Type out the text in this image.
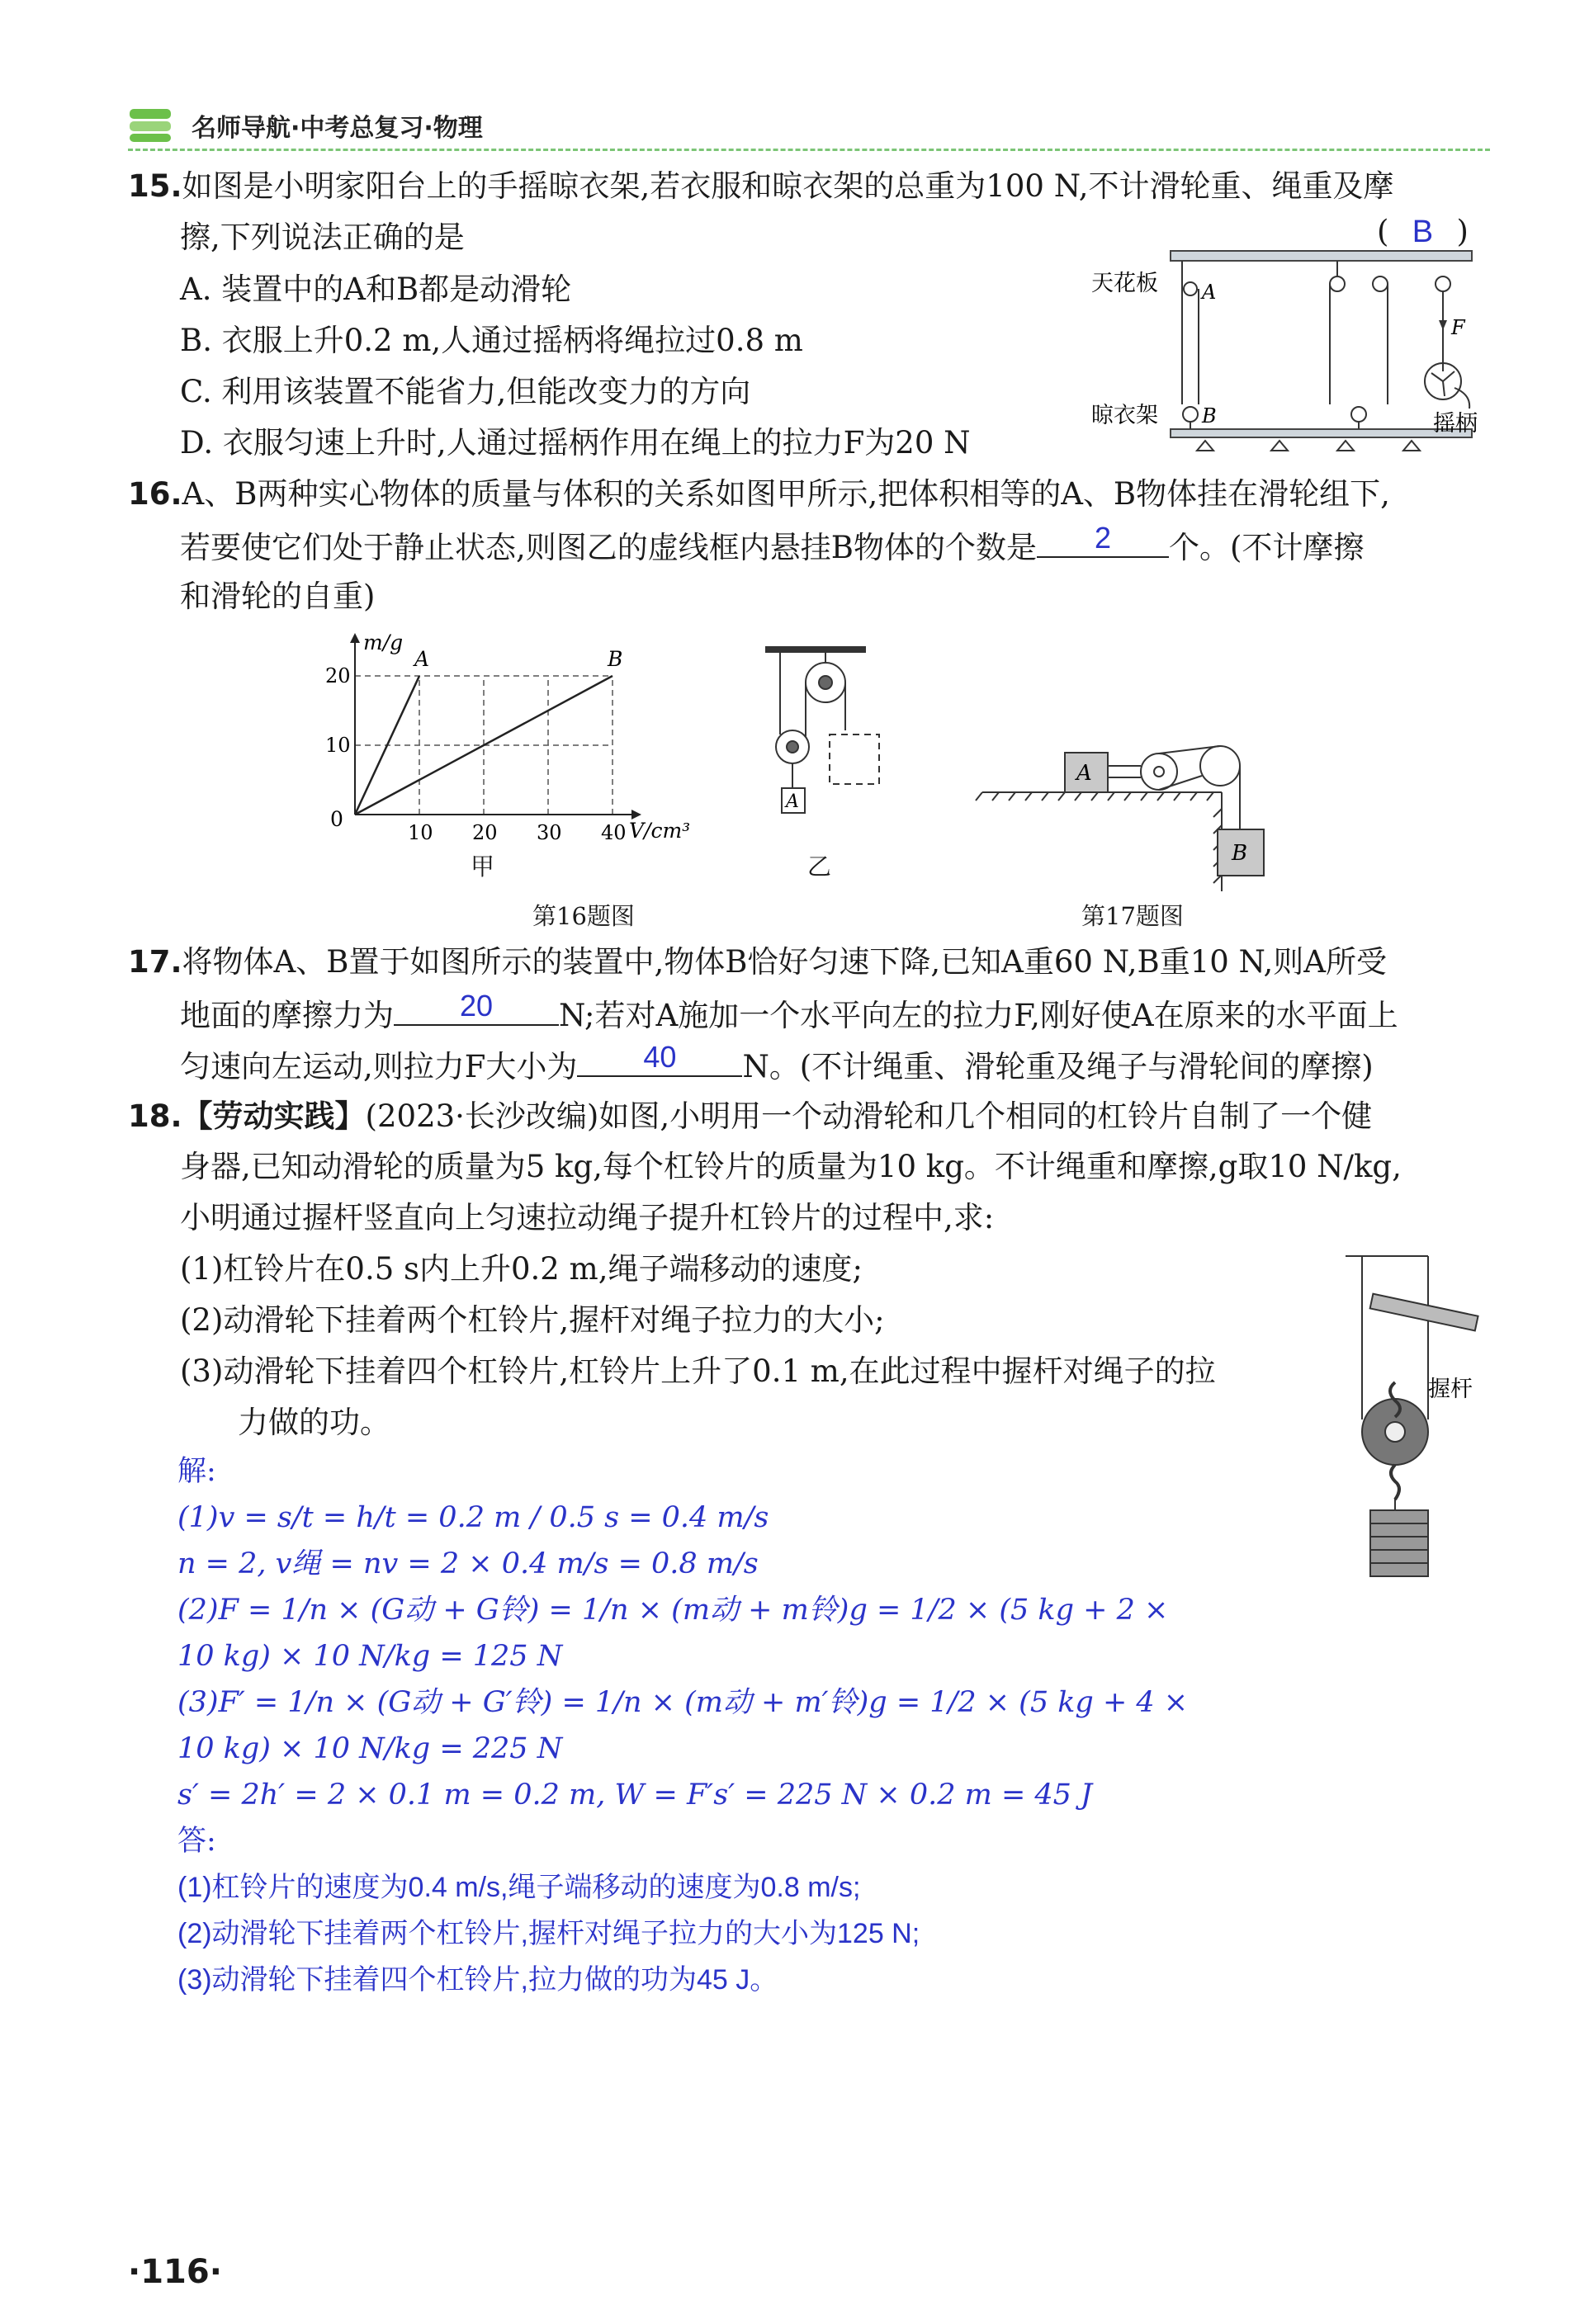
名师导航·中考总复习·物理
15.如图是小明家阳台上的手摇晾衣架,若衣服和晾衣架的总重为100 N,不计滑轮重、绳重及摩
擦,下列说法正确的是	( B )
A. 装置中的A和B都是动滑轮
B. 衣服上升0.2 m,人通过摇柄将绳拉过0.8 m
C. 利用该装置不能省力,但能改变力的方向
D. 衣服匀速上升时,人通过摇柄作用在绳上的拉力F为20 N
天花板 A
F
晾衣架 B	摇柄
16.A、B两种实心物体的质量与体积的关系如图甲所示,把体积相等的A、B物体挂在滑轮组下,
若要使它们处于静止状态,则图乙的虚线框内悬挂B物体的个数是	2	个。(不计摩擦
和滑轮的自重)
A	B
10 20 30 40
10
20
m/g
V/cm³
0
甲
A
乙
A
B
第16题图	第17题图
17.将物体A、B置于如图所示的装置中,物体B恰好匀速下降,已知A重60 N,B重10 N,则A所受
地面的摩擦力为	20	N;若对A施加一个水平向左的拉力F,刚好使A在原来的水平面上
匀速向左运动,则拉力F大小为	40	N。(不计绳重、滑轮重及绳子与滑轮间的摩擦)
18.【劳动实践】(2023·长沙改编)如图,小明用一个动滑轮和几个相同的杠铃片自制了一个健
身器,已知动滑轮的质量为5 kg,每个杠铃片的质量为10 kg。不计绳重和摩擦,g取10 N/kg,
小明通过握杆竖直向上匀速拉动绳子提升杠铃片的过程中,求:
(1)杠铃片在0.5 s内上升0.2 m,绳子端移动的速度;
(2)动滑轮下挂着两个杠铃片,握杆对绳子拉力的大小;
(3)动滑轮下挂着四个杠铃片,杠铃片上升了0.1 m,在此过程中握杆对绳子的拉
力做的功。
握杆
解:
(1)v = s/t = h/t = 0.2 m / 0.5 s = 0.4 m/s
n = 2, v绳 = nv = 2 × 0.4 m/s = 0.8 m/s
(2)F = 1/n × (G动 + G铃) = 1/n × (m动 + m铃)g = 1/2 × (5 kg + 2 ×
10 kg) × 10 N/kg = 125 N
(3)F′ = 1/n × (G动 + G′铃) = 1/n × (m动 + m′铃)g = 1/2 × (5 kg + 4 ×
10 kg) × 10 N/kg = 225 N
s′ = 2h′ = 2 × 0.1 m = 0.2 m, W = F′s′ = 225 N × 0.2 m = 45 J
答:
(1)杠铃片的速度为0.4 m/s,绳子端移动的速度为0.8 m/s;
(2)动滑轮下挂着两个杠铃片,握杆对绳子拉力的大小为125 N;
(3)动滑轮下挂着四个杠铃片,拉力做的功为45 J。
·116·
